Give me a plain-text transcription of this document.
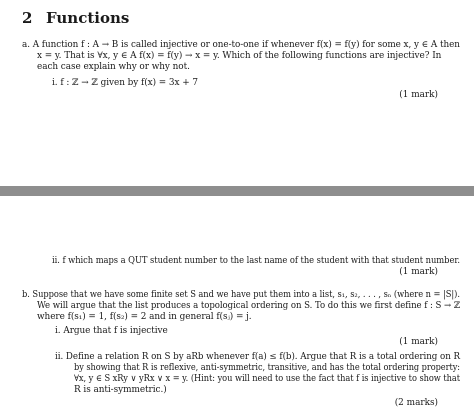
2 Functions
a. A function f : A → B is called injective or one-to-one if whenever f(x) = f(y) for some x, y ∈ A then
x = y. That is ∀x, y ∈ A f(x) = f(y) → x = y. Which of the following functions are injective? In
each case explain why or why not.
i. f : ℤ → ℤ given by f(x) = 3x + 7
(1 mark)
ii. f which maps a QUT student number to the last name of the student with that student number.
(1 mark)
b. Suppose that we have some finite set S and we have put them into a list, s₁, s₂, . . . , sₙ (where n = |S|).
We will argue that the list produces a topological ordering on S. To do this we first define f : S → ℤ
where f(s₁) = 1, f(s₂) = 2 and in general f(sⱼ) = j.
i. Argue that f is injective
(1 mark)
ii. Define a relation R on S by aRb whenever f(a) ≤ f(b). Argue that R is a total ordering on R
by showing that R is reflexive, anti-symmetric, transitive, and has the total ordering property:
∀x, y ∈ S xRy ∨ yRx ∨ x = y. (Hint: you will need to use the fact that f is injective to show that
R is anti-symmetric.)
(2 marks)
